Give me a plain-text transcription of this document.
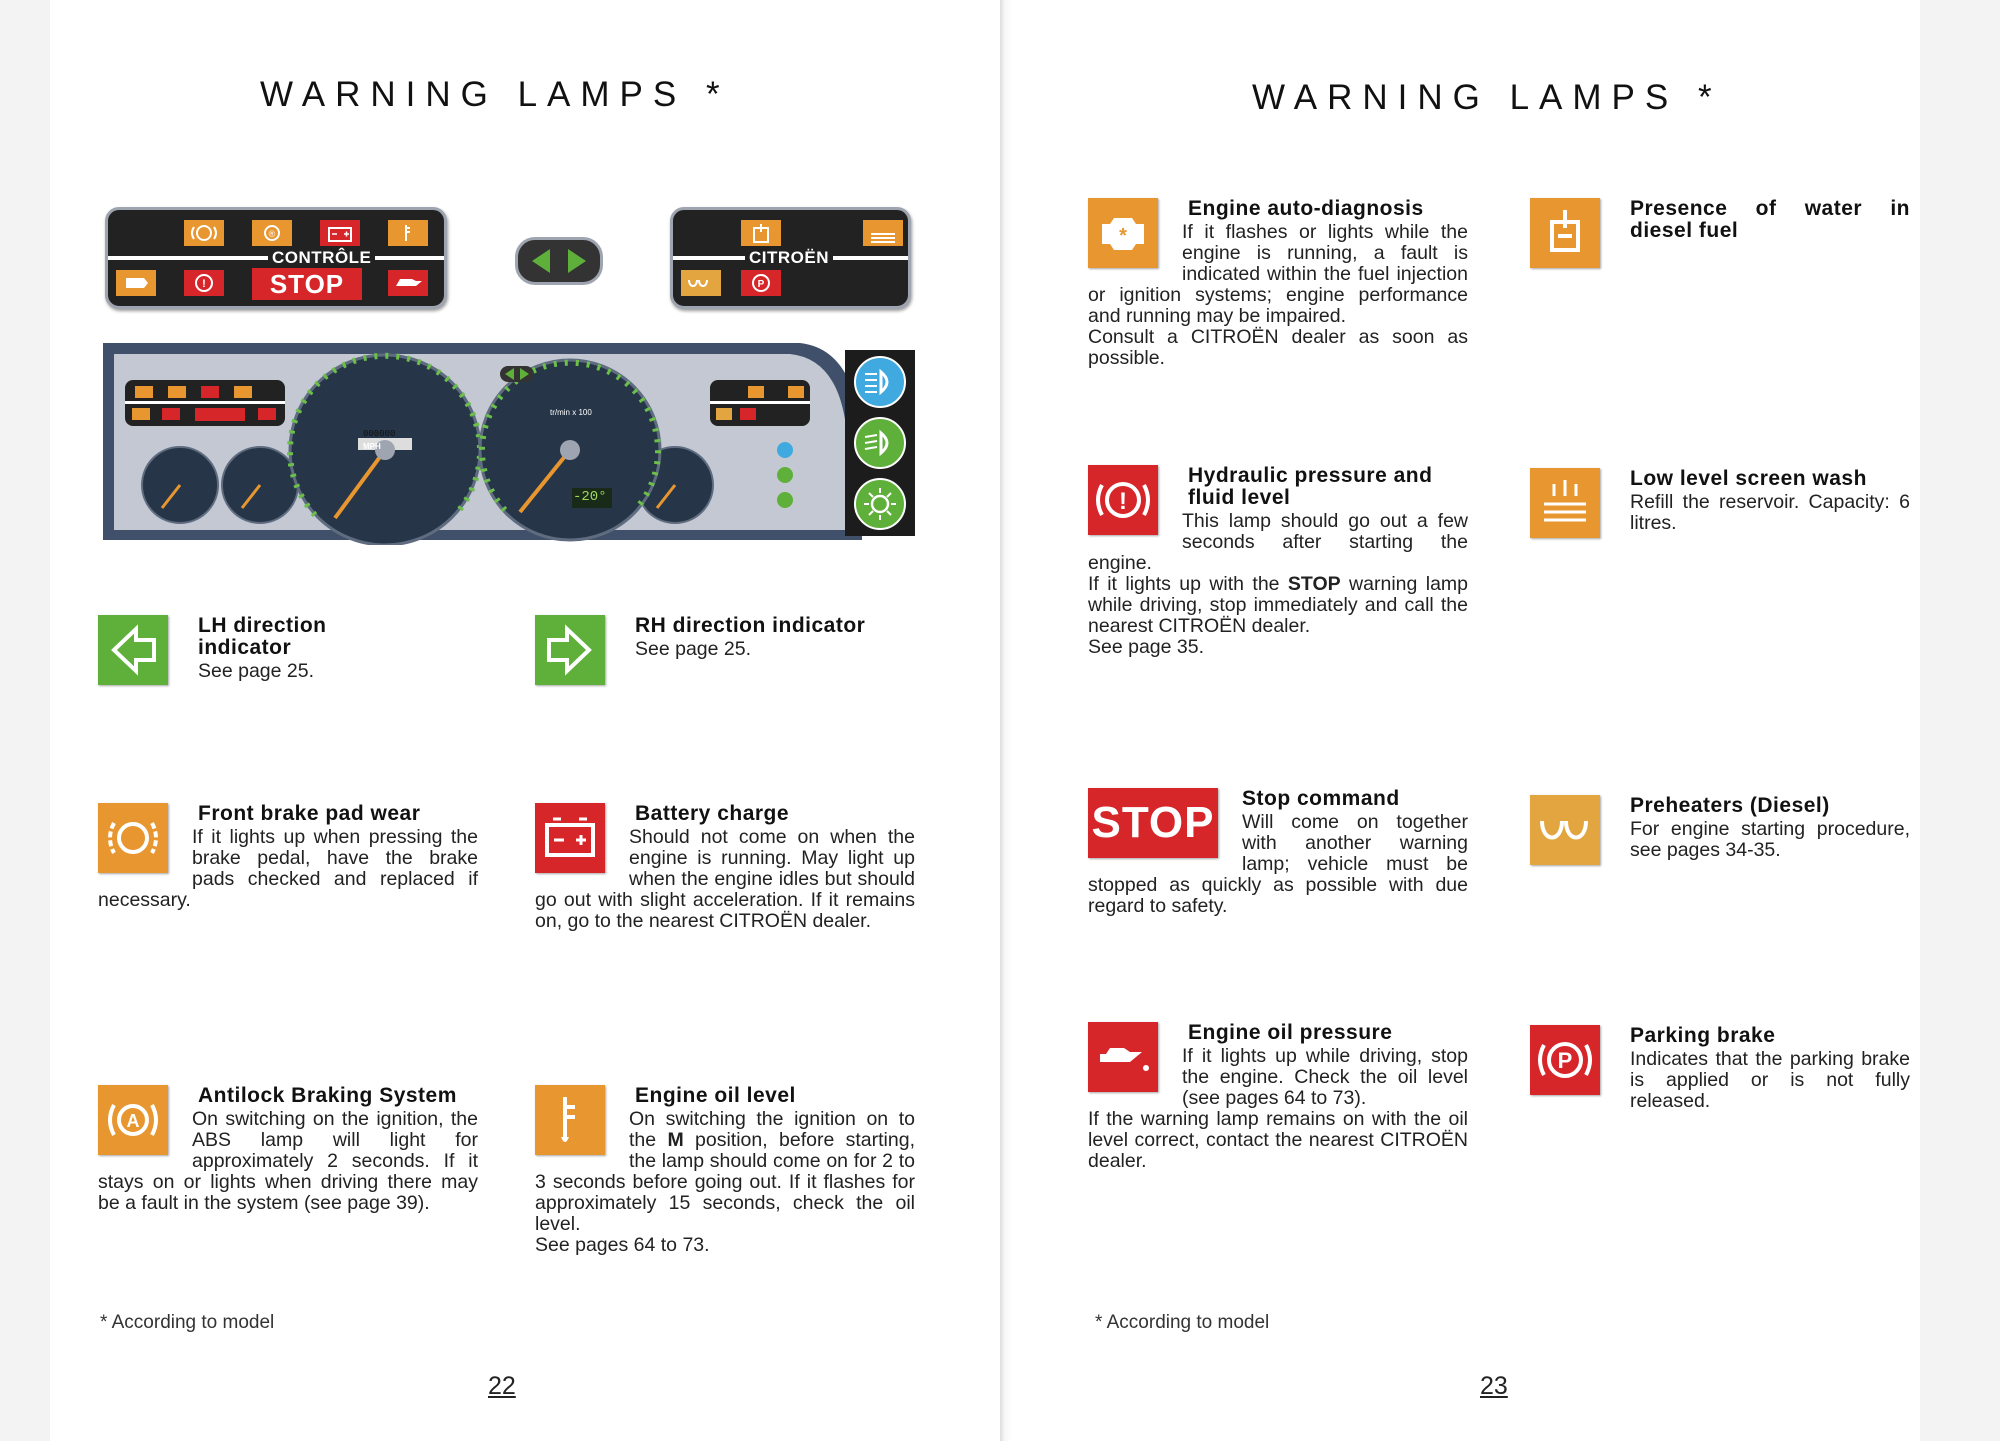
WARNING LAMPS *
®
CONTRÔLE
!	STOP
CITROËN
P
MPH
000000
tr/min x 100
-20°
LH direction indicator
See page 25.
RH direction indicator
See page 25.
Front brake pad wear
If it lights up when pressing the brake pedal, have the brake pads checked and replaced if necessary.
Battery charge
Should not come on when the engine is running. May light up when the engine idles but should go out with slight acceleration. If it remains on, go to the nearest CITROËN dealer.
A
Antilock Braking System
On switching on the ignition, the ABS lamp will light for approximately 2 seconds. If it stays on or lights when driving there may be a fault in the system (see page 39).
Engine oil level
On switching the ignition on to the M position, before starting, the lamp should come on for 2 to 3 seconds before going out. If it flashes for approximately 15 seconds, check the oil level.
See pages 64 to 73.
* According to model
22
WARNING LAMPS *
*
Engine auto-diagnosis
If it flashes or lights while the engine is running, a fault is indicated within the fuel injection or ignition systems; engine performance and running may be impaired.
Consult a CITROËN dealer as soon as possible.
Presence of water in diesel fuel
!
Hydraulic pressure and fluid level
This lamp should go out a few seconds after starting the engine.
If it lights up with the STOP warning lamp while driving, stop immediately and call the nearest CITROËN dealer.
See page 35.
Low level screen wash
Refill the reservoir. Capacity: 6 litres.
STOP Stop command
Will come on together with another warning lamp; vehicle must be stopped as quickly as possible with due regard to safety.
Preheaters (Diesel)
For engine starting procedure, see pages 34-35.
Engine oil pressure
If it lights up while driving, stop the engine. Check the oil level (see pages 64 to 73).
If the warning lamp remains on with the oil level correct, contact the nearest CITROËN dealer.
P
Parking brake
Indicates that the parking brake is applied or is not fully released.
* According to model
23
